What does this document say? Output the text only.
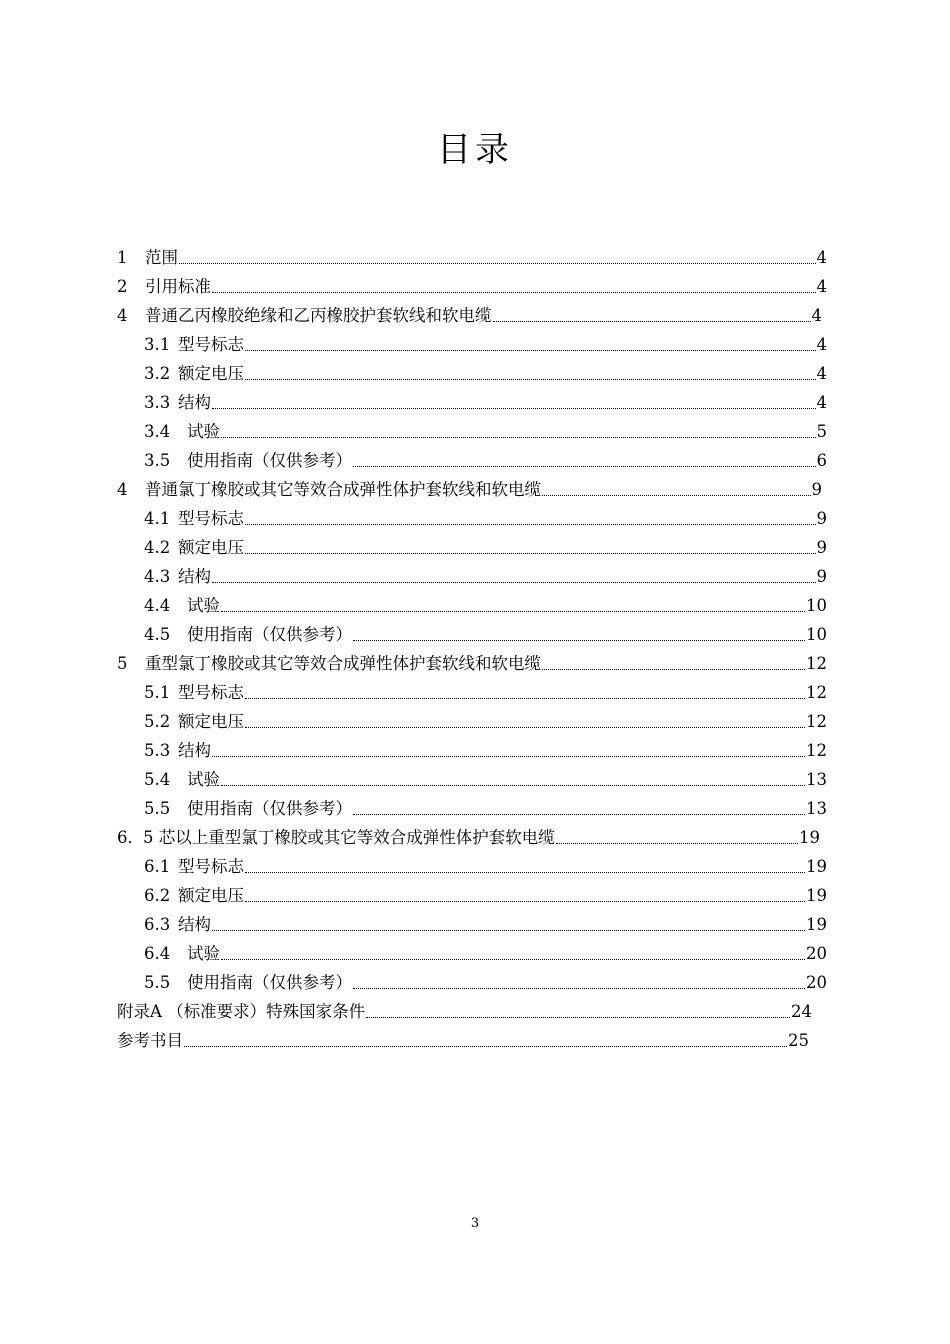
目录
1	范围	4
2	引用标准	4
4	普通乙丙橡胶绝缘和乙丙橡胶护套软线和软电缆	4
3.1 型号标志	4
3.2 额定电压	4
3.3 结构	4
3.4	试验	5
3.5	使用指南（仅供参考）	6
4	普通氯丁橡胶或其它等效合成弹性体护套软线和软电缆	9
4.1 型号标志	9
4.2 额定电压	9
4.3 结构	9
4.4	试验	10
4.5	使用指南（仅供参考）	10
5	重型氯丁橡胶或其它等效合成弹性体护套软线和软电缆	12
5.1 型号标志	12
5.2 额定电压	12
5.3 结构	12
5.4	试验	13
5.5	使用指南（仅供参考）	13
6． 5 芯以上重型氯丁橡胶或其它等效合成弹性体护套软电缆	19
6.1 型号标志	19
6.2 额定电压	19
6.3 结构	19
6.4	试验	20
5.5	使用指南（仅供参考）	20
附录A （标准要求）特殊国家条件	24
参考书目	25
3
